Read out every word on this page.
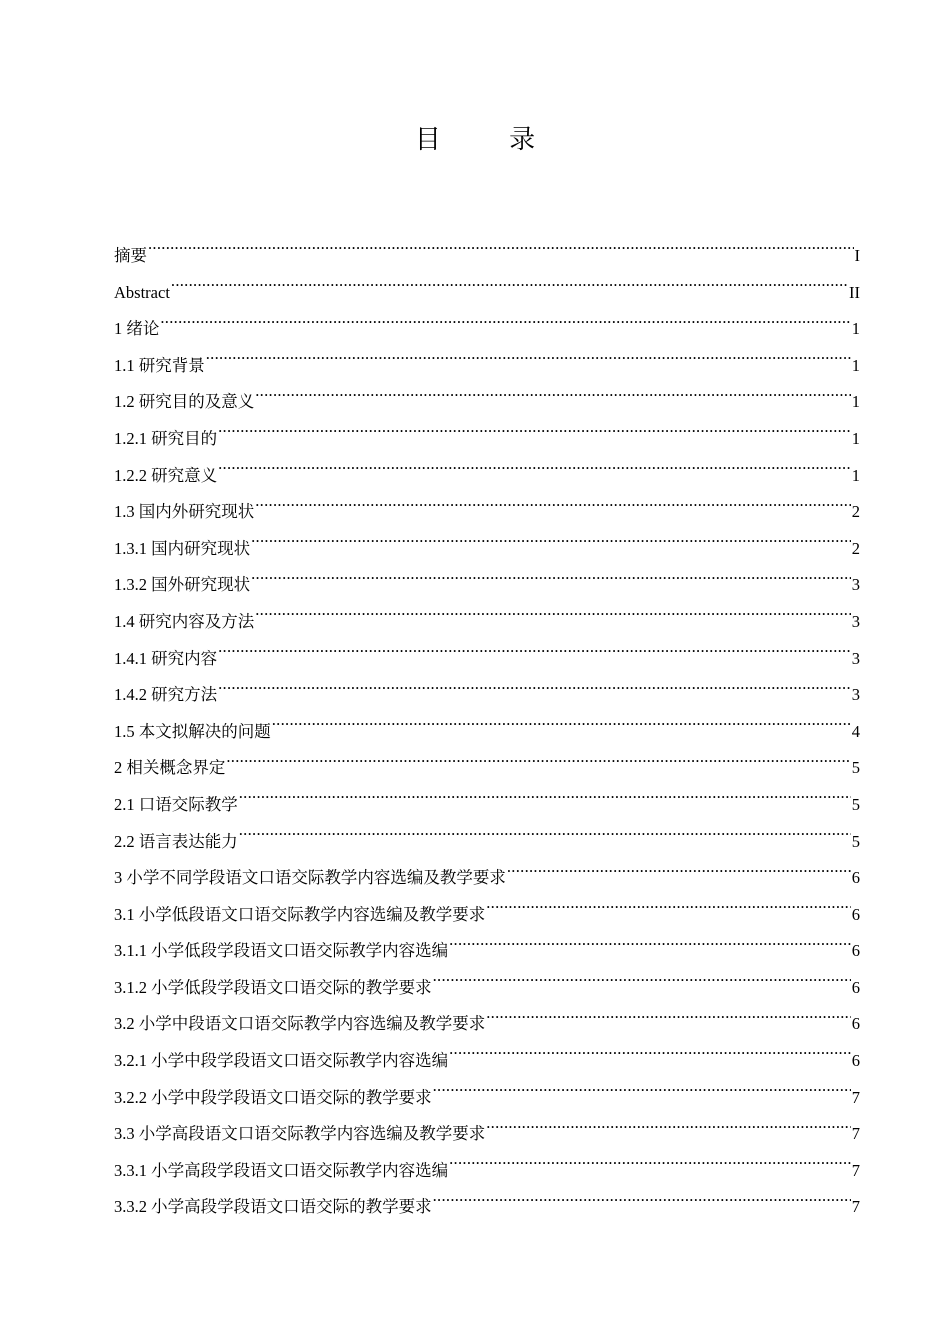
目 录
摘要 .....	I
Abstract .....	II
1 绪论 .....	1
1.1 研究背景 .....	1
1.2 研究目的及意义 .....	1
1.2.1 研究目的 .....	1
1.2.2 研究意义 .....	1
1.3 国内外研究现状 .....	2
1.3.1 国内研究现状 .....	2
1.3.2 国外研究现状 .....	3
1.4 研究内容及方法 .....	3
1.4.1 研究内容 .....	3
1.4.2 研究方法 .....	3
1.5 本文拟解决的问题 .....	4
2 相关概念界定 .....	5
2.1 口语交际教学 .....	5
2.2 语言表达能力 .....	5
3 小学不同学段语文口语交际教学内容选编及教学要求 .....	6
3.1 小学低段语文口语交际教学内容选编及教学要求 .....	6
3.1.1 小学低段学段语文口语交际教学内容选编 .....	6
3.1.2 小学低段学段语文口语交际的教学要求 .....	6
3.2 小学中段语文口语交际教学内容选编及教学要求 .....	6
3.2.1 小学中段学段语文口语交际教学内容选编 .....	6
3.2.2 小学中段学段语文口语交际的教学要求 .....	7
3.3 小学高段语文口语交际教学内容选编及教学要求 .....	7
3.3.1 小学高段学段语文口语交际教学内容选编 .....	7
3.3.2 小学高段学段语文口语交际的教学要求 .....	7
